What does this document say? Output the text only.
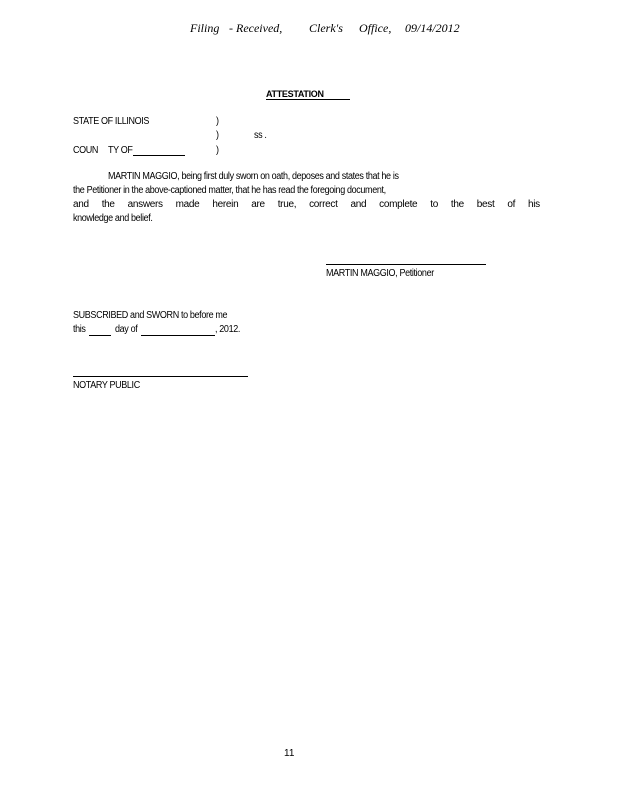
Filing - Received, Clerk's Office, 09/14/2012
ATTESTATION
STATE OF ILLINOIS	)
)	ss .
COUN TY OF	)
MARTIN MAGGIO, being first duly sworn on oath, deposes and states that he is
the Petitioner in the above-captioned matter, that he has read the foregoing document,
and the answers made herein are true, correct and complete to the best of his
knowledge and belief.
MARTIN MAGGIO, Petitioner
SUBSCRIBED and SWORN to before me
this	day of	, 2012.
NOTARY PUBLIC
11
